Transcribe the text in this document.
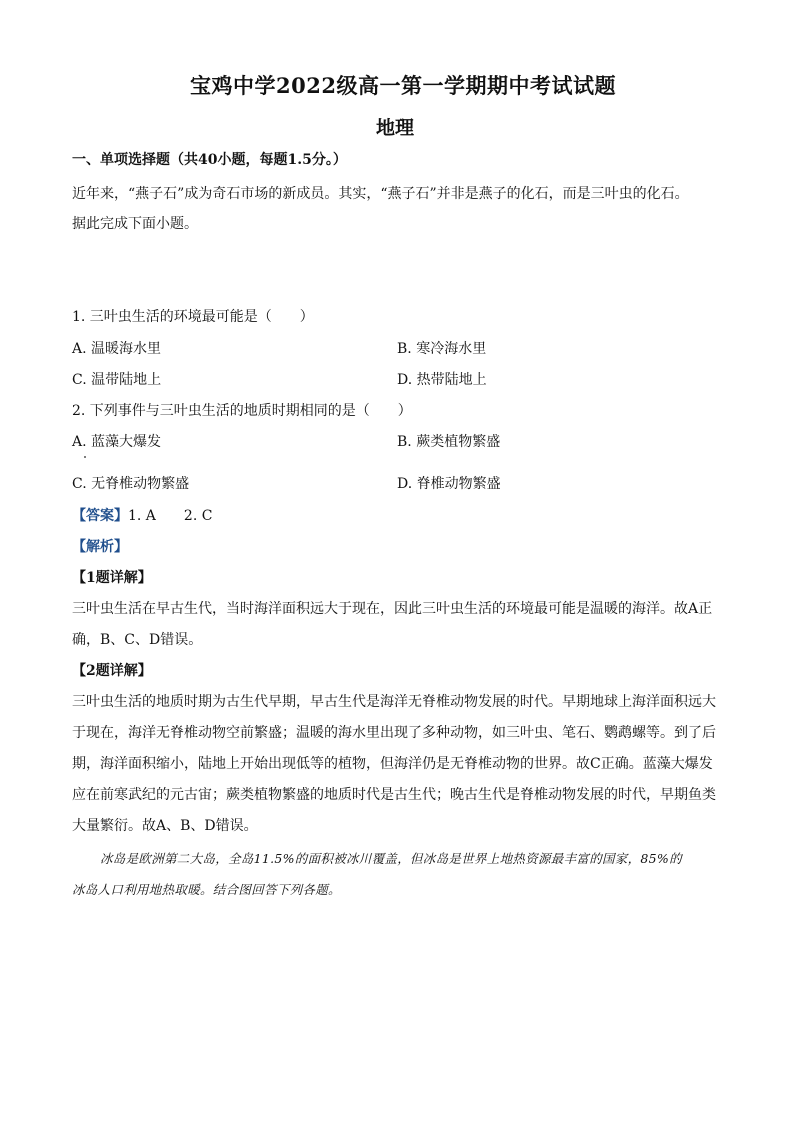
宝鸡中学2022级高一第一学期期中考试试题
地理
一、单项选择题（共40小题，每题1.5分。）
近年来，“燕子石”成为奇石市场的新成员。其实，“燕子石”并非是燕子的化石，而是三叶虫的化石。
据此完成下面小题。
1. 三叶虫生活的环境最可能是（　　）
A. 温暖海水里	B. 寒冷海水里
C. 温带陆地上	D. 热带陆地上
2. 下列事件与三叶虫生活的地质时期相同的是（　　）
A. 蓝藻大爆发	B. 蕨类植物繁盛
C. 无脊椎动物繁盛	D. 脊椎动物繁盛
【答案】1. A　　2. C
【解析】
【1题详解】
三叶虫生活在早古生代，当时海洋面积远大于现在，因此三叶虫生活的环境最可能是温暖的海洋。故A正
确，B、C、D错误。
【2题详解】
三叶虫生活的地质时期为古生代早期，早古生代是海洋无脊椎动物发展的时代。早期地球上海洋面积远大
于现在，海洋无脊椎动物空前繁盛；温暖的海水里出现了多种动物，如三叶虫、笔石、鹦鹉螺等。到了后
期，海洋面积缩小，陆地上开始出现低等的植物，但海洋仍是无脊椎动物的世界。故C正确。蓝藻大爆发
应在前寒武纪的元古宙；蕨类植物繁盛的地质时代是古生代；晚古生代是脊椎动物发展的时代，早期鱼类
大量繁衍。故A、B、D错误。
冰岛是欧洲第二大岛，全岛11.5%的面积被冰川覆盖，但冰岛是世界上地热资源最丰富的国家，85%的
冰岛人口利用地热取暖。结合图回答下列各题。
